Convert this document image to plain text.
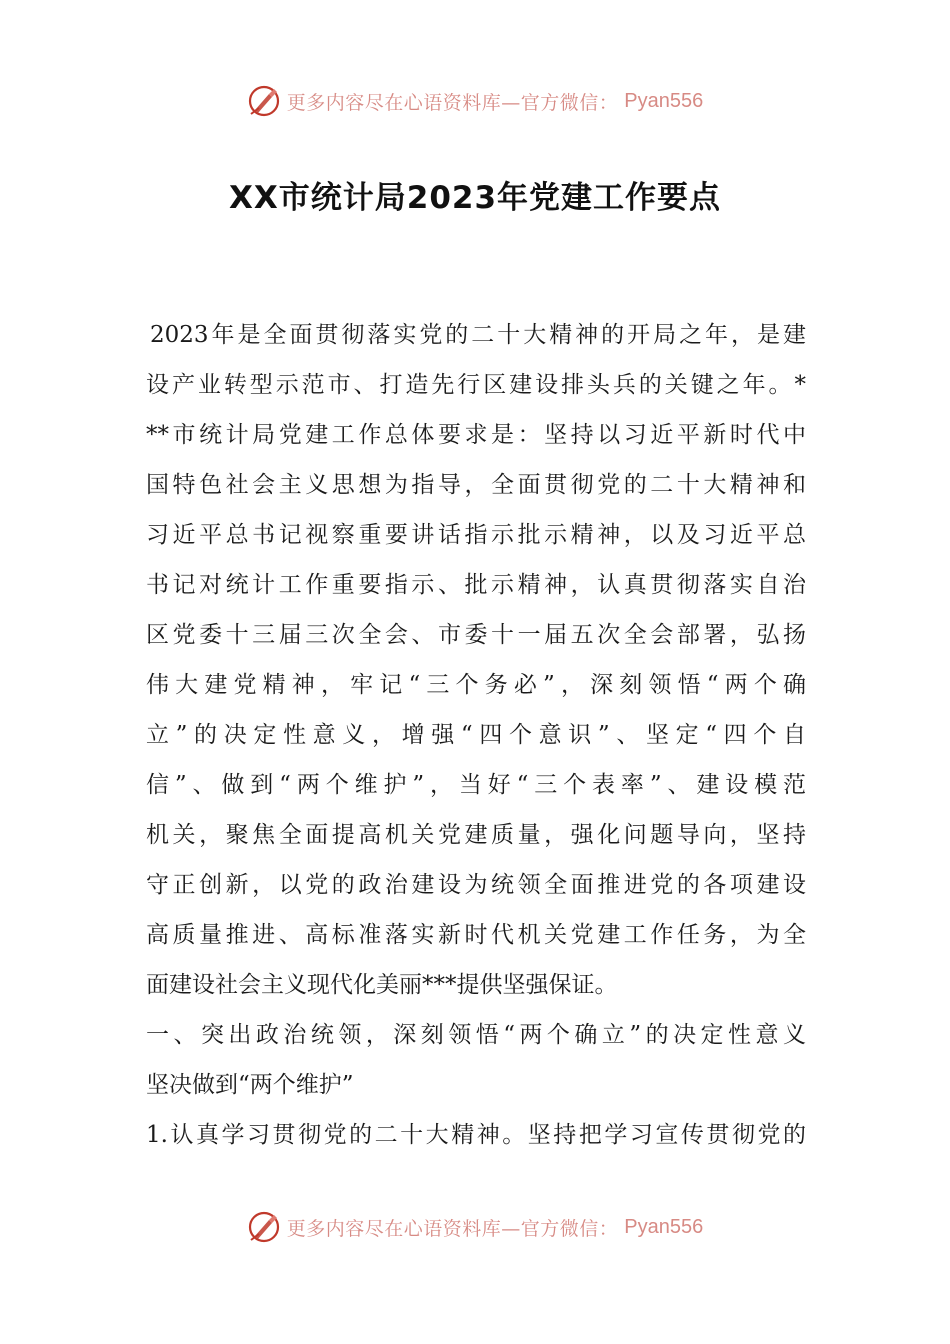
更多内容尽在心语资料库—官方微信： Pyan556
XX市统计局2023年党建工作要点
2023年是全面贯彻落实党的二十大精神的开局之年，是建
设产业转型示范市、打造先行区建设排头兵的关键之年。*
**市统计局党建工作总体要求是：坚持以习近平新时代中
国特色社会主义思想为指导，全面贯彻党的二十大精神和
习近平总书记视察重要讲话指示批示精神，以及习近平总
书记对统计工作重要指示、批示精神，认真贯彻落实自治
区党委十三届三次全会、市委十一届五次全会部署，弘扬
伟大建党精神，牢记“三个务必”，深刻领悟“两个确
立”的决定性意义，增强“四个意识”、坚定“四个自
信”、做到“两个维护”，当好“三个表率”、建设模范
机关，聚焦全面提高机关党建质量，强化问题导向，坚持
守正创新，以党的政治建设为统领全面推进党的各项建设
高质量推进、高标准落实新时代机关党建工作任务，为全
面建设社会主义现代化美丽***提供坚强保证。
一、突出政治统领，深刻领悟“两个确立”的决定性意义
坚决做到“两个维护”
1.认真学习贯彻党的二十大精神。坚持把学习宣传贯彻党的
更多内容尽在心语资料库—官方微信： Pyan556
